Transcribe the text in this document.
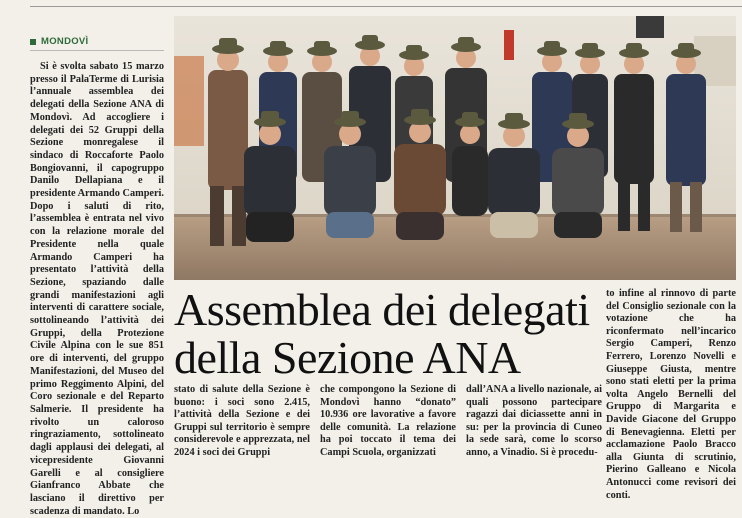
MONDOVÌ

Si è svolta sabato 15 marzo presso il PalaTerme di Lurisia l’annuale assemblea dei delegati della Sezione ANA di Mondovì. Ad accogliere i delegati dei 52 Gruppi della Sezione monregalese il sindaco di Roccaforte Paolo Bongiovanni, il capogruppo Danilo Dellapiana e il presidente Armando Camperi. Dopo i saluti di rito, l’assemblea è entrata nel vivo con la relazione morale del Presidente nella quale Armando Camperi ha presentato l’attività della Sezione, spaziando dalle grandi manifestazioni agli interventi di carattere sociale, sottolineando l’attività dei Gruppi, della Protezione Civile Alpina con le sue 851 ore di interventi, del gruppo Manifestazioni, del Museo del primo Reggimento Alpini, del Coro sezionale e del Reparto Salmerie. Il presidente ha rivolto un caloroso ringraziamento, sottolineato dagli applausi dei delegati, al vicepresidente Giovanni Garelli e al consigliere Gianfranco Abbate che lasciano il direttivo per scadenza di mandato. Lo

Assemblea dei delegati
della Sezione ANA
to infine al rinnovo di parte del Consiglio sezionale con la votazione che ha riconfermato nell’incarico Sergio Camperi, Renzo Ferrero, Lorenzo Novelli e Giuseppe Giusta, mentre sono stati eletti per la prima volta Angelo Bernelli del Gruppo di Margarita e Davide Giacone del Gruppo di Benevagienna. Eletti per acclamazione Paolo Bracco alla Giunta di scrutinio, Pierino Galleano e Nicola Antonucci come revisori dei conti.
stato di salute della Sezione è buono: i soci sono 2.415, l’attività della Sezione e dei Gruppi sul territorio è sempre considerevole e apprezzata, nel 2024 i soci dei Gruppi
che compongono la Sezione di Mondovì hanno “donato” 10.936 ore lavorative a favore delle comunità. La relazione ha poi toccato il tema dei Campi Scuola, organizzati
dall’ANA a livello nazionale, ai quali possono partecipare ragazzi dai diciassette anni in su: per la provincia di Cuneo la sede sarà, come lo scorso anno, a Vinadio. Si è procedu-
